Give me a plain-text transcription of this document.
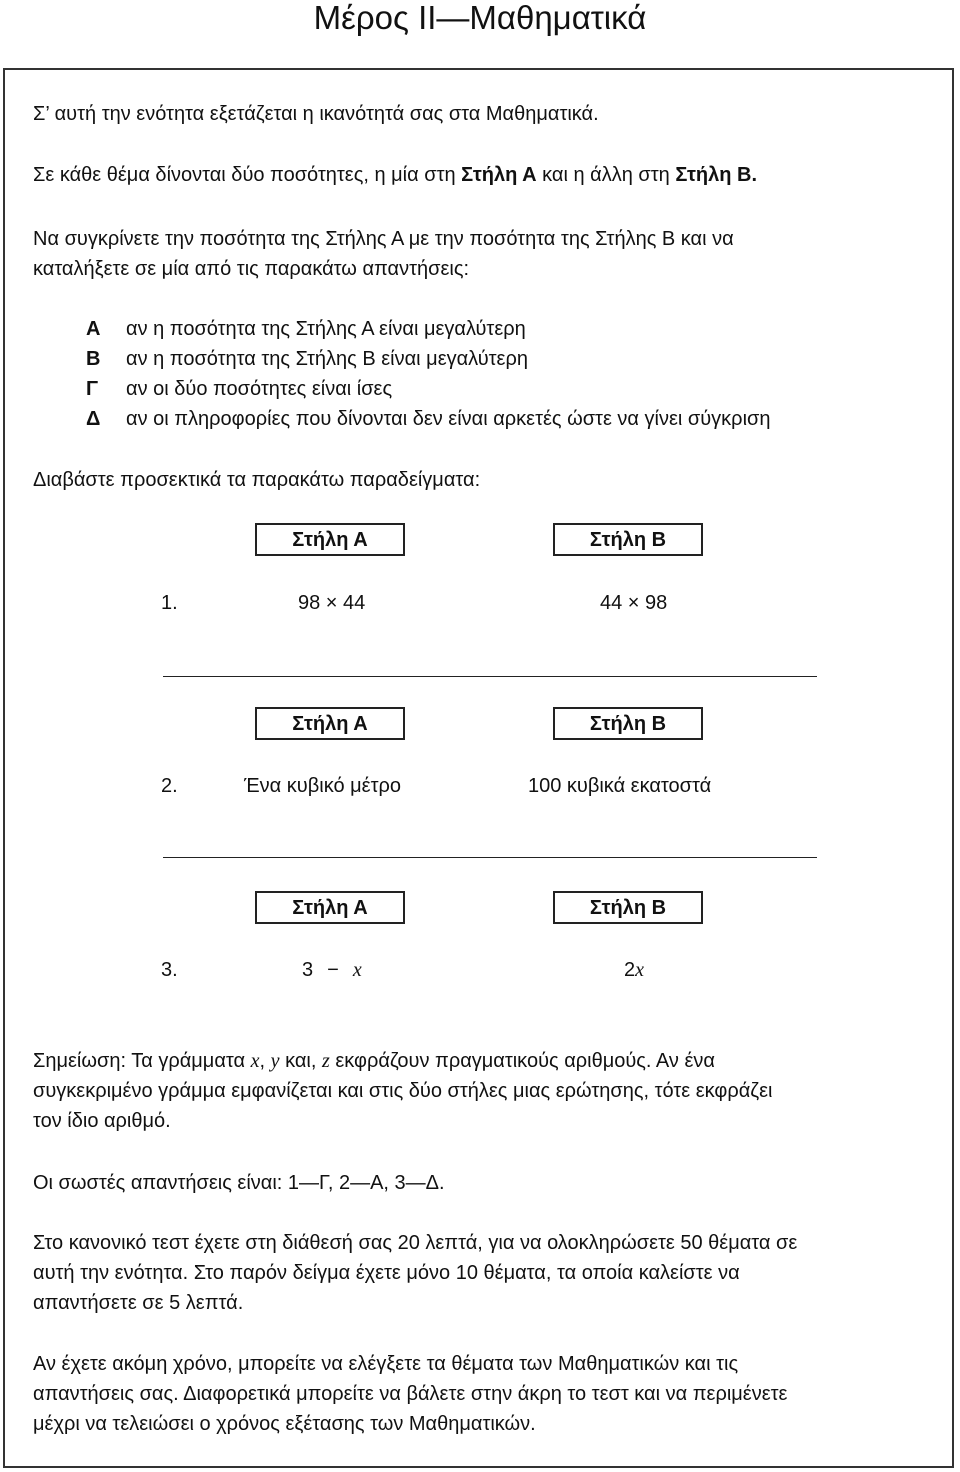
Μέρος ΙΙ—Μαθηματικά
Σ’ αυτή την ενότητα εξετάζεται η ικανότητά σας στα Μαθηματικά.
Σε κάθε θέμα δίνονται δύο ποσότητες, η μία στη Στήλη Α και η άλλη στη Στήλη Β.
Να συγκρίνετε την ποσότητα της Στήλης Α με την ποσότητα της Στήλης Β και να
καταλήξετε σε μία από τις παρακάτω απαντήσεις:
Α αν η ποσότητα της Στήλης Α είναι μεγαλύτερη
Β αν η ποσότητα της Στήλης Β είναι μεγαλύτερη
Γ αν οι δύο ποσότητες είναι ίσες
Δ αν οι πληροφορίες που δίνονται δεν είναι αρκετές ώστε να γίνει σύγκριση
Διαβάστε προσεκτικά τα παρακάτω παραδείγματα:
Στήλη Α	Στήλη Β
1.	98 × 44	44 × 98
Στήλη Α	Στήλη Β
2.	Ένα κυβικό μέτρο	100 κυβικά εκατοστά
Στήλη Α	Στήλη Β
3.	3 − x	2x
Σημείωση: Τα γράμματα x, y και, z εκφράζουν πραγματικούς αριθμούς. Αν ένα
συγκεκριμένο γράμμα εμφανίζεται και στις δύο στήλες μιας ερώτησης, τότε εκφράζει
τον ίδιο αριθμό.
Οι σωστές απαντήσεις είναι: 1—Γ, 2—Α, 3—Δ.
Στο κανονικό τεστ έχετε στη διάθεσή σας 20 λεπτά, για να ολοκληρώσετε 50 θέματα σε
αυτή την ενότητα. Στο παρόν δείγμα έχετε μόνο 10 θέματα, τα οποία καλείστε να
απαντήσετε σε 5 λεπτά.
Αν έχετε ακόμη χρόνο, μπορείτε να ελέγξετε τα θέματα των Μαθηματικών και τις
απαντήσεις σας. Διαφορετικά μπορείτε να βάλετε στην άκρη το τεστ και να περιμένετε
μέχρι να τελειώσει ο χρόνος εξέτασης των Μαθηματικών.
